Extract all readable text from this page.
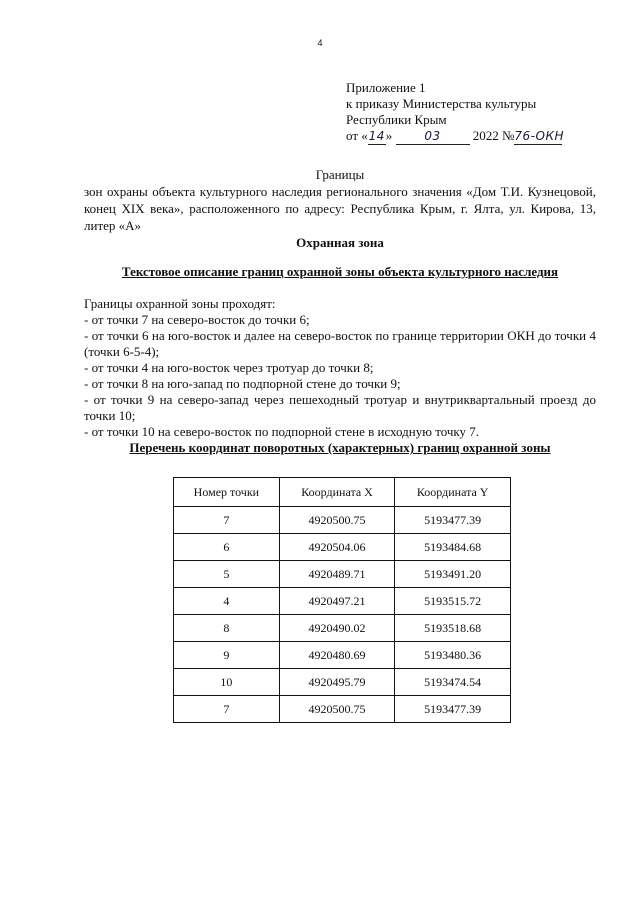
4
Приложение 1
к приказу Министерства культуры
Республики Крым
от «14» 03 2022 №76-ОКН
Границы
зон охраны объекта культурного наследия регионального значения «Дом Т.И. Кузнецовой, конец XIX века», расположенного по адресу: Республика Крым, г. Ялта, ул. Кирова, 13, литер «А»
Охранная зона
Текстовое описание границ охранной зоны объекта культурного наследия
Границы охранной зоны проходят:
- от точки 7 на северо-восток до точки 6;
- от точки 6 на юго-восток и далее на северо-восток по границе территории ОКН до точки 4 (точки 6-5-4);
- от точки 4 на юго-восток через тротуар до точки 8;
- от точки 8 на юго-запад по подпорной стене до точки 9;
- от точки 9 на северо-запад через пешеходный тротуар и внутриквартальный проезд до точки 10;
- от точки 10 на северо-восток по подпорной стене в исходную точку 7.
Перечень координат поворотных (характерных) границ охранной зоны
Номер точки	Координата X	Координата Y
7	4920500.75	5193477.39
6	4920504.06	5193484.68
5	4920489.71	5193491.20
4	4920497.21	5193515.72
8	4920490.02	5193518.68
9	4920480.69	5193480.36
10	4920495.79	5193474.54
7	4920500.75	5193477.39
